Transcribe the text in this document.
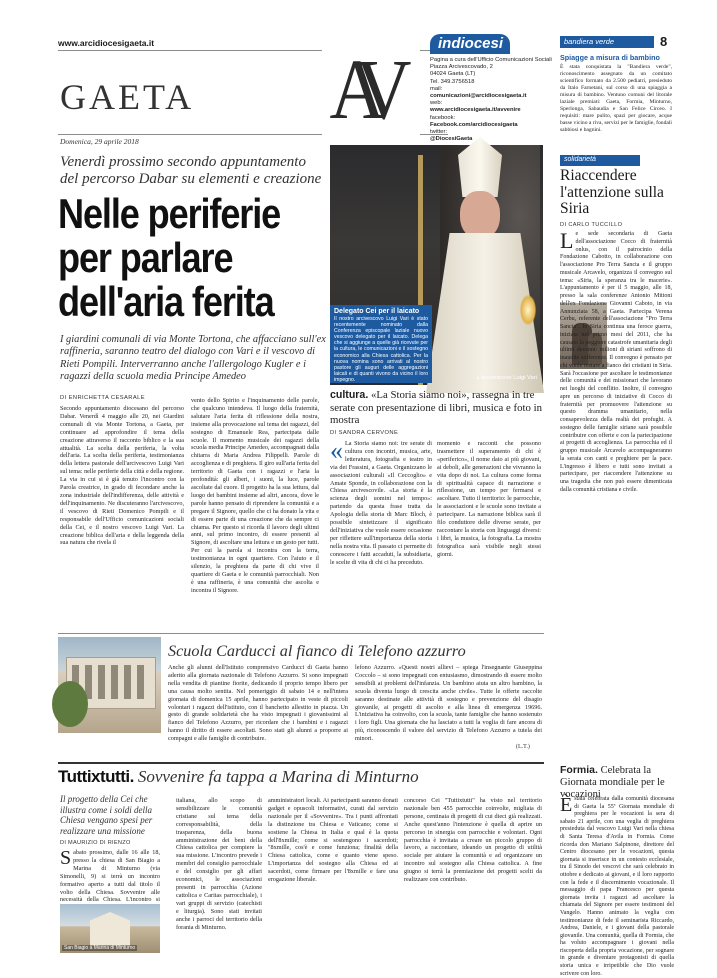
www.arcidiocesigaeta.it
GAETA
Domenica, 29 aprile 2018
AV	indiocesi
Pagina a cura dell'Ufficio Comunicazioni Sociali
Piazza Arcivescovado, 2
04024 Gaeta (LT)
Tel. 349.3756518
mail:
comunicazioni@arcidiocesigaeta.it
web:
www.arcidiocesigaeta.it/avvenire
facebook:
Facebook.com/arcidiocesigaeta
twitter:
@DiocesiGaeta
bandiera verde	8
Spiagge a misura di bambino
È stata conquistata la "Bandiera verde", riconoscimento assegnato da un comitato scientifico formato da 2.500 pediatri, presieduto da Italo Farnetani, sul corso di una spiaggia a misura di bambino. Ventuno comuni del litorale laziale premiati: Gaeta, Formia, Minturno, Sperlonga, Sabaudia e San Felice Circeo. I requisiti: mare pulito, spazi per giocare, acque basse vicino a riva, servizi per le famiglie, fondali sabbiosi e bagnini.
Venerdì prossimo secondo appuntamento del percorso Dabar su elementi e creazione
Nelle periferie
per parlare
dell'aria ferita
I giardini comunali di via Monte Tortona, che affacciano sull'ex raffineria, saranno teatro del dialogo con Vari e il vescovo di Rieti Pompili. Interverranno anche l'allergologo Kugler e i ragazzi della scuola media Principe Amedeo
DI ENRICHETTA CESARALE
Secondo appuntamento diocesano del percorso Dabar. Venerdì 4 maggio alle 20, nei Giardini comunali di via Monte Tortona, a Gaeta, per continuare ad approfondire il tema della creazione attraverso il racconto biblico e la sua attualità. La scelta della periferia, la volta dell'aria. La scelta della periferia, testimonianza della lettera pastorale dell'arcivescovo Luigi Vari sul tema: nelle periferie della città e della regione. La via in cui si è già tenuto l'incontro con la Parola creatrice, in grado di fecondare anche la zona industriale dell'indifferenza, delle attività e dell'inquinamento. Ne discuteranno l'arcivescovo, il vescovo di Rieti Domenico Pompili e il responsabile dell'Ufficio comunicazioni sociali della Cei, e il nostro vescovo Luigi Vari. La creazione biblica dell'aria e della leggenda della sua natura che rivela il
vento dello Spirito e l'inquinamento delle parole, che qualcuno intendeva. Il luogo della fraternità, salutare l'aria ferita di riflessione della nostra, insieme alla provocazione sul tema dei ragazzi, del sostegno di Emanuele Rea, partecipata dalle scuole. Il momento musicale dei ragazzi della scuola media Principe Amedeo, accompagnati dalla chitarra di Maria Andrea Filippelli. Parole di accoglienza e di preghiera. Il giro sull'aria ferita del territorio di Gaeta con i ragazzi e l'aria la profondità: gli alberi, i suoni, la luce, parole ascoltate dal cuore. Il progetto ha la sua lettura, dal luogo dei bambini insieme ad altri, ancora, dove le parole hanno pensato di riprendere la comunità e a pregare il Signore, quello che ci ha donato la vita e di essere parte di una creazione che da sempre ci chiama. Per questo si ricorda il lavoro degli ultimi anni, sul primo incontro, di essere presenti al Signore, di ascoltare una lettura e un gesto per tutti. Per cui la parola si incontra con la terra, testimonianza in ogni quartiere. Con l'aiuto e il silenzio, la preghiera da parte di chi vive il quartiere di Gaeta e le comunità parrocchiali. Non è una raffineria, è una comunità che ascolta e incontra il Signore.
L'arcivescovo Luigi Vari
Delegato Cei per il laicato
Il nostro arcivescovo Luigi Vari è stato recentemente nominato dalla Conferenza episcopale laziale nuovo vescovo delegato per il laicato. Delega che si aggiunge a quelle già ricevute per la cultura, le comunicazioni e il sostegno economico alla Chiesa cattolica. Per la nuova nomina sono arrivati al nostro pastore gli auguri delle aggregazioni laicali e di quanti vivono da vicino il loro impegno.
cultura. «La Storia siamo noi», rassegna in tre serate con presentazione di libri, musica e foto in mostra
DI SANDRA CERVONE
« La Storia siamo noi: tre serate di cultura con incontri, musica, arte, letteratura, fotografia e teatro in via dei Frassini, a Gaeta. Organizzano le associazioni culturali «Il Ceccoglio» e Amate Sponde, in collaborazione con la Chiesa arcivescovile. «La storia è la scienza degli uomini nel tempo»: partendo da questa frase tratta da Apologia della storia di Marc Bloch, è possibile sintetizzare il significato dell'iniziativa che vuole essere occasione per riflettere sull'importanza della storia nella nostra vita. Il passato ci permette di conoscere i fatti accaduti, la subsidiaria, le scelte di vita di chi ci ha preceduto.
momento e racconti che possono trasmettere il superamento di chi è «periferico», il nome dato ai più giovani, ai deboli, alle generazioni che vivranno la vita dopo di noi. La cultura come forma di spiritualità capace di narrazione e riflessione, un tempo per fermarsi e ascoltare. Tutto il territorio: le parrocchie, le associazioni e le scuole sono invitate a partecipare. La narrazione biblica sarà il filo conduttore delle diverse serate, per raccontare la storia con linguaggi diversi: i libri, la musica, la fotografia. La mostra fotografica sarà visibile negli stessi giorni.
solidarietà
Riaccendere l'attenzione sulla Siria
DI CARLO TUCCILLO
Le sede secondaria di Gaeta dell'associazione Cocco di fraternità onlus, con il patrocinio della Fondazione Cabotto, in collaborazione con l'associazione Pro Terra Sancta e il gruppo musicale Arcavelo, organizza il convegno sul tema: «Siria, la speranza tra le macerie». L'appuntamento è per il 5 maggio, alle 18, presso la sala conferenze Antonio Mittoni dell'ex Fondazione Giovanni Caboto, in via Annunziata 58, a Gaeta. Partecipa Verena Cerbu, referente dell'associazione "Pro Terra Sancta". In Siria continua una feroce guerra, iniziata nel primo mesi del 2011, che ha causato la peggiore catastrofe umanitaria degli ultimi decenni: milioni di siriani soffrono di inaudite sofferenze. Il convegno è pensato per chi vuole restare a fianco dei cristiani in Siria. Sarà l'occasione per ascoltare le testimonianze delle comunità e dei missionari che lavorano nei luoghi del conflitto. Inoltre, il convegno apre un percorso di iniziative di Cocco di fraternità per promuovere l'attenzione su questo dramma umanitario, nella consapevolezza della realtà dei profughi. A sostegno delle famiglie siriane sarà possibile contribuire con offerte e con la partecipazione ai progetti di accoglienza. La parrocchia ed il gruppo musicale Arcavelo accompagneranno la serata con canti e preghiere per la pace. L'ingresso è libero e tutti sono invitati a partecipare, per riaccendere l'attenzione su una tragedia che non può essere dimenticata dalla comunità cristiana e civile.
Scuola Carducci al fianco di Telefono azzurro
Anche gli alunni dell'Istituto comprensivo Carducci di Gaeta hanno aderito alla giornata nazionale di Telefono Azzurro. Si sono impegnati nella vendita di piantine fiorite, dedicando il proprio tempo libero per una causa molto sentita. Nel pomeriggio di sabato 14 e nell'intera giornata di domenica 15 aprile, hanno partecipato in veste di piccoli volontari i ragazzi dell'istituto, con il banchetto allestito in piazza. Un gesto di grande solidarietà che ha visto impegnati i giovanissimi al fianco del Telefono Azzurro, per ricordare che i bambini e i ragazzi hanno il diritto di essere ascoltati. Sono stati gli alunni a proporre ai compagni e alle famiglie di contribuire.
lefono Azzurro. «Questi nostri allievi – spiega l'insegnante Giuseppina Coccolo – si sono impegnati con entusiasmo, dimostrando di essere molto sensibili ai problemi dell'infanzia. Un bambino aiuta un altro bambino, la scuola diventa luogo di crescita anche civile». Tutte le offerte raccolte saranno destinate alle attività di sostegno e prevenzione del disagio giovanile, ai progetti di ascolto e alla linea di emergenza 19696. L'iniziativa ha coinvolto, con la scuola, tante famiglie che hanno sostenuto i loro figli. Una giornata che ha lasciato a tutti la voglia di fare ancora di più, riconoscendo il valore del servizio di Telefono Azzurro a tutela dei minori.
(L.T.)
Tuttixtutti. Sovvenire fa tappa a Marina di Minturno
Il progetto della Cei che illustra come i soldi della Chiesa vengano spesi per realizzare una missione
DI MAURIZIO DI RIENZO
Sabato prossimo, dalle 16 alle 18, presso la chiesa di San Biagio a Marina di Minturno (via Simonelli, 9) si terrà un incontro formativo aperto a tutti dal titolo il volto della Chiesa. Sovvenire alle necessità della Chiesa. L'incontro si
San Biagio a Marina di Minturno
italiana, allo scopo di sensibilizzare le comunità cristiane sul tema della corresponsabilità, della trasparenza, della buona amministrazione dei beni della Chiesa cattolica per compiere la sua missione. L'incontro prevede i membri del consiglio parrocchiale e del consiglio per gli affari economici, le associazioni presenti in parrocchia (Azione cattolica e Caritas parrocchiale), i vari gruppi di servizio (catechisti e liturgia). Sono stati invitati anche i parroci del territorio della forania di Minturno.
amministratori locali. Ai partecipanti saranno donati gadget e opuscoli informativi, curati dal servizio nazionale per il «Sovvenire». Tra i punti affrontati la distinzione tra Chiesa e Vaticano; come si sostiene la Chiesa in Italia e qual è la quota dell'8xmille; come si sostengono i sacerdoti; "8xmille, cos'è e come funziona; finalità della Chiesa cattolica, come e quanto viene speso. L'importanza del sostegno alla Chiesa ed ai sacerdoti, come firmare per l'8xmille e fare una erogazione liberale.
concorso Cei "Tuttixtutti" ha visto nel territorio nazionale ben 455 parrocchie coinvolte, migliaia di persone, centinaia di progetti di cui dieci già realizzati. Anche quest'anno l'intenzione è quella di aprire un percorso in sinergia con parrocchie e volontari. Ogni parrocchia è invitata a creare un piccolo gruppo di lavoro, a raccontare, ideando un progetto di utilità sociale per aiutare la comunità e ad organizzare un incontro sul sostegno alla Chiesa cattolica. A fine giugno si terrà la premiazione dei progetti scelti da realizzare con contributo.
Formia. Celebrata la Giornata mondiale per le vocazioni
Èstata celebrata dalla comunità diocesana di Gaeta la 55ª Giornata mondiale di preghiera per le vocazioni la sera di sabato 21 aprile, con una veglia di preghiera presieduta dal vescovo Luigi Vari nella chiesa di Santa Teresa d'Avila in Formia. Come ricorda don Mariano Salpinone, direttore del Centro diocesano per le vocazioni, questa giornata si inserisce in un contesto ecclesiale, tra il Sinodo dei vescovi che sarà celebrato in ottobre e dedicato ai giovani, e il loro rapporto con la fede e il discernimento vocazionale. Il messaggio di papa Francesco per questa giornata invita i ragazzi ad ascoltare la chiamata del Signore per essere testimoni del Vangelo. Hanno animato la veglia con testimonianze di fede il seminarista Riccardo, Andrea, Daniele, e i giovani della pastorale giovanile. Una comunità, quella di Formia, che ha voluto accompagnare i giovani nella riscoperta della propria vocazione, per sognare in grande e diventare protagonisti di quella storia unica e irripetibile che Dio vuole scrivere con loro.
